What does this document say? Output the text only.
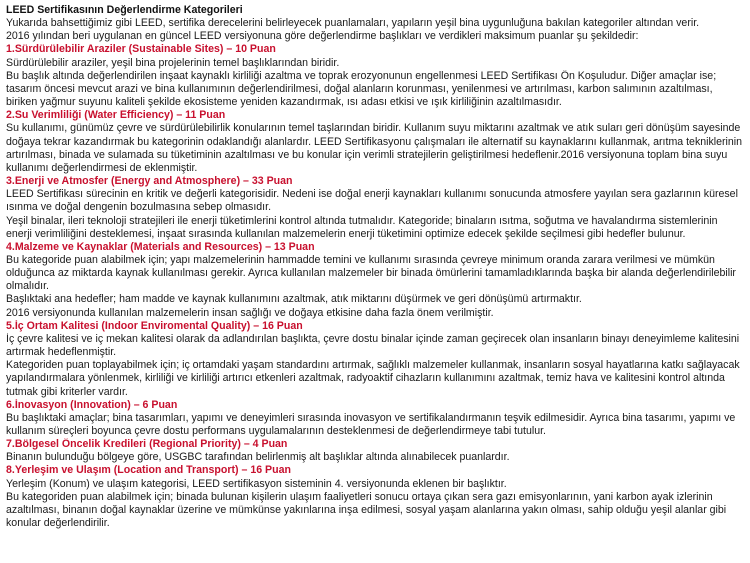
LEED Sertifikasının Değerlendirme Kategorileri
Yukarıda bahsettiğimiz gibi LEED, sertifika derecelerini belirleyecek puanlamaları, yapıların yeşil bina uygunluğuna bakılan kategoriler altından verir.
2016 yılından beri uygulanan en güncel LEED versiyonuna göre değerlendirme başlıkları ve verdikleri maksimum puanlar şu şekildedir:
1.Sürdürülebilir Araziler (Sustainable Sites) – 10 Puan
Sürdürülebilir araziler, yeşil bina projelerinin temel başlıklarından biridir.
Bu başlık altında değerlendirilen inşaat kaynaklı kirliliği azaltma ve toprak erozyonunun engellenmesi LEED Sertifikası Ön Koşuludur. Diğer amaçlar ise;
tasarım öncesi mevcut arazi ve bina kullanımının değerlendirilmesi, doğal alanların korunması, yenilenmesi ve artırılması, karbon salımının azaltılması,
biriken yağmur suyunu kaliteli şekilde ekosisteme yeniden kazandırmak, ısı adası etkisi ve ışık kirliliğinin azaltılmasıdır.
2.Su Verimliliği (Water Efficiency) – 11 Puan
Su kullanımı, günümüz çevre ve sürdürülebilirlik konularının temel taşlarından biridir. Kullanım suyu miktarını azaltmak ve atık suları geri dönüşüm sayesinde
doğaya tekrar kazandırmak bu kategorinin odaklandığı alanlardır. LEED Sertifikasyonu çalışmaları ile alternatif su kaynaklarını kullanmak, arıtma tekniklerinin
artırılması, binada ve sulamada su tüketiminin azaltılması ve bu konular için verimli stratejilerin geliştirilmesi hedeflenir.2016 versiyonuna toplam bina suyu
kullanımı değerlendirmesi de eklenmiştir.
3.Enerji ve Atmosfer (Energy and Atmosphere) – 33 Puan
LEED Sertifikası sürecinin en kritik ve değerli kategorisidir. Nedeni ise doğal enerji kaynakları kullanımı sonucunda atmosfere yayılan sera gazlarının küresel
ısınma ve doğal dengenin bozulmasına sebep olmasıdır.
Yeşil binalar, ileri teknoloji stratejileri ile enerji tüketimlerini kontrol altında tutmalıdır. Kategoride; binaların ısıtma, soğutma ve havalandırma sistemlerinin
enerji verimliliğini desteklemesi, inşaat sırasında kullanılan malzemelerin enerji tüketimini optimize edecek şekilde seçilmesi gibi hedefler bulunur.
4.Malzeme ve Kaynaklar (Materials and Resources) – 13 Puan
Bu kategoride puan alabilmek için; yapı malzemelerinin hammadde temini ve kullanımı sırasında çevreye minimum oranda zarara verilmesi ve mümkün
olduğunca az miktarda kaynak kullanılması gerekir. Ayrıca kullanılan malzemeler bir binada ömürlerini tamamladıklarında başka bir alanda değerlendirilebilir
olmalıdır.
Başlıktaki ana hedefler; ham madde ve kaynak kullanımını azaltmak, atık miktarını düşürmek ve geri dönüşümü artırmaktır.
2016 versiyonunda kullanılan malzemelerin insan sağlığı ve doğaya etkisine daha fazla önem verilmiştir.
5.İç Ortam Kalitesi (Indoor Enviromental Quality) – 16 Puan
İç çevre kalitesi ve iç mekan kalitesi olarak da adlandırılan başlıkta, çevre dostu binalar içinde zaman geçirecek olan insanların binayı deneyimleme kalitesini
artırmak hedeflenmiştir.
Kategoriden puan toplayabilmek için; iç ortamdaki yaşam standardını artırmak, sağlıklı malzemeler kullanmak, insanların sosyal hayatlarına katkı sağlayacak
yapılandırmalara yönlenmek, kirliliği ve kirliliği artırıcı etkenleri azaltmak, radyoaktif cihazların kullanımını azaltmak, temiz hava ve kalitesini kontrol altında
tutmak gibi kriterler vardır.
6.İnovasyon (Innovation) – 6 Puan
Bu başlıktaki amaçlar; bina tasarımları, yapımı ve deneyimleri sırasında inovasyon ve sertifikalandırmanın teşvik edilmesidir. Ayrıca bina tasarımı, yapımı ve
kullanım süreçleri boyunca çevre dostu performans uygulamalarının desteklenmesi de değerlendirmeye tabi tutulur.
7.Bölgesel Öncelik Kredileri (Regional Priority) – 4 Puan
Binanın bulunduğu bölgeye göre, USGBC tarafından belirlenmiş alt başlıklar altında alınabilecek puanlardır.
8.Yerleşim ve Ulaşım (Location and Transport) – 16 Puan
Yerleşim (Konum) ve ulaşım kategorisi, LEED sertifikasyon sisteminin 4. versiyonunda eklenen bir başlıktır.
Bu kategoriden puan alabilmek için; binada bulunan kişilerin ulaşım faaliyetleri sonucu ortaya çıkan sera gazı emisyonlarının, yani karbon ayak izlerinin
azaltılması, binanın doğal kaynaklar üzerine ve mümkünse yakınlarına inşa edilmesi, sosyal yaşam alanlarına yakın olması, sahip olduğu yeşil alanlar gibi
konular değerlendirilir.
